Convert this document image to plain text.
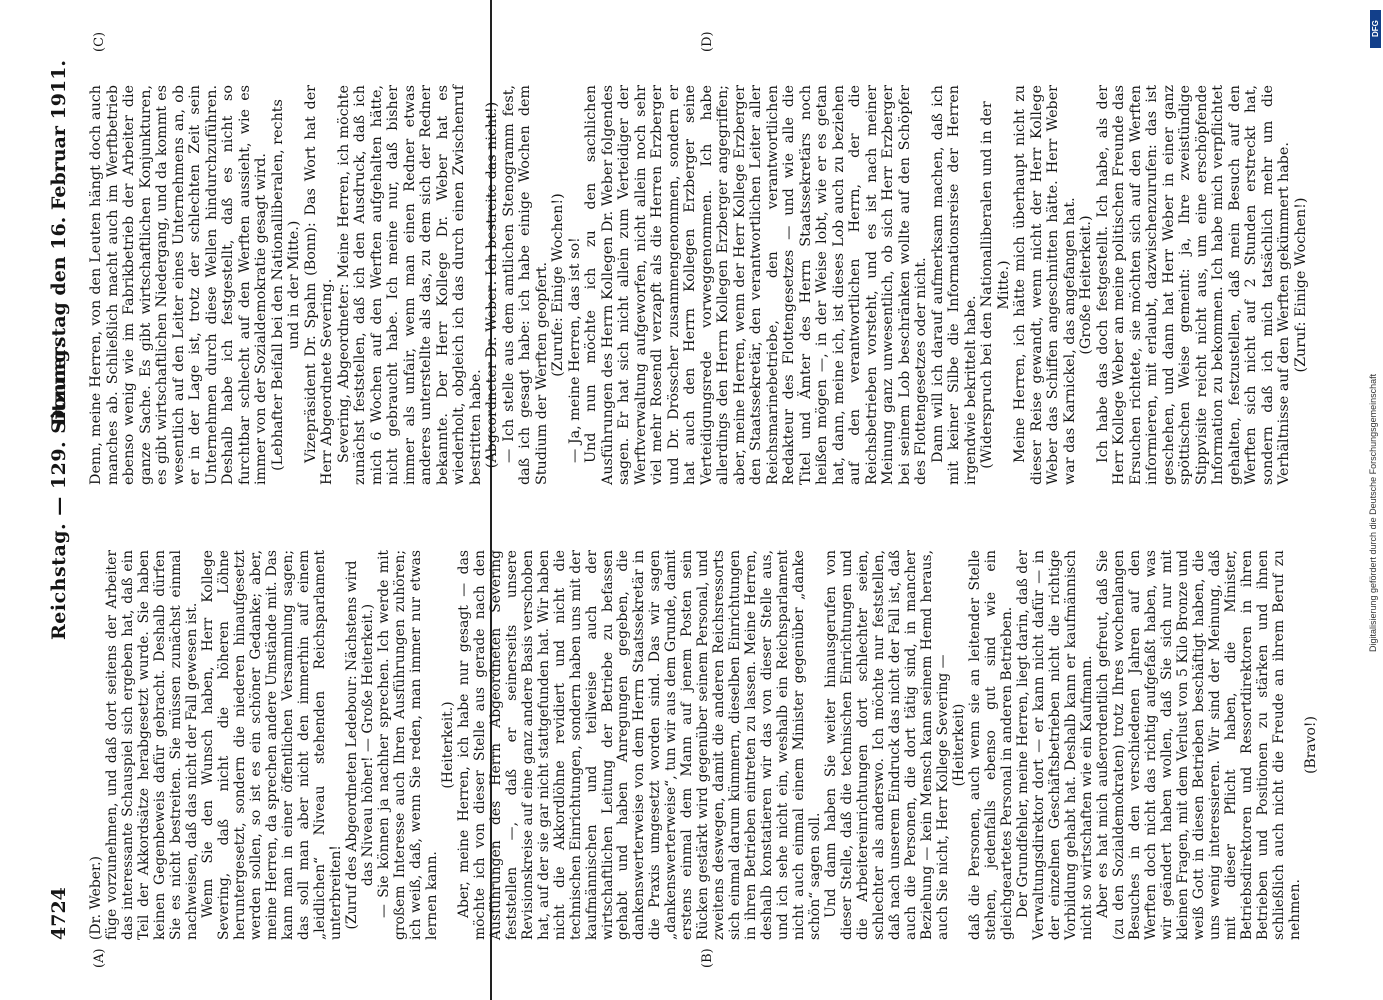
DFG
Digitalisierung gefördert durch die Deutsche Forschungsgemeinschaft
4724
Reichstag. — 129. Sitzung.
Donnerstag den 16. Februar 1911.
(A)	(B)
(C)	(D)

(Dr. Weber.) füge vorzunehmen, und daß dort seitens der Arbeiter das interessante Schauspiel sich ergeben hat, daß ein Teil der Akkordsätze herabgesetzt wurde. Sie haben keinen Gegenbeweis dafür gebracht. Deshalb dürfen Sie es nicht bestreiten. Sie müssen zunächst einmal nachweisen, daß das nicht der Fall gewesen ist. Wenn Sie den Wunsch haben, Herr Kollege Severing, daß nicht die höheren Löhne heruntergesetzt, sondern die niederen hinaufgesetzt werden sollen, so ist es ein schöner Gedanke; aber, meine Herren, da sprechen andere Umstände mit. Das kann man in einer öffentlichen Versammlung sagen; das soll man aber nicht den immerhin auf einem „leidlichen“ Niveau stehenden Reichsparlament unterbreiten! (Zuruf des Abgeordneten Ledebour: Nächstens wird das Niveau höher! — Große Heiterkeit.) — Sie können ja nachher sprechen. Ich werde mit großem Interesse auch Ihren Ausführungen zuhören; ich weiß, daß, wenn Sie reden, man immer nur etwas lernen kann.

(Heiterkeit.) Aber, meine Herren, ich habe nur gesagt — das möchte ich von dieser Stelle aus gerade nach den Ausführungen des Herrn Abgeordneten Severing feststellen —, daß er seinerseits unsere Revisionskreise auf eine ganz andere Basis verschoben hat, auf der sie gar nicht stattgefunden hat. Wir haben nicht die Akkordlöhne revidiert und nicht die technischen Einrichtungen, sondern haben uns mit der kaufmännischen und teilweise auch der wirtschaftlichen Leitung der Betriebe zu befassen gehabt und haben Anregungen gegeben, die dankenswerterweise von dem Herrn Staatssekretär in die Praxis umgesetzt worden sind. Das wir sagen „dankenswerterweise“, tun wir aus dem Grunde, damit erstens einmal dem Mann auf jenem Posten sein Rücken gestärkt wird gegenüber seinem Personal, und zweitens deswegen, damit die anderen Reichsressorts sich einmal darum kümmern, dieselben Einrichtungen in ihren Betrieben eintreten zu lassen. Meine Herren, deshalb konstatieren wir das von dieser Stelle aus, und ich sehe nicht ein, weshalb ein Reichsparlament nicht auch einmal einem Minister gegenüber „danke schön“ sagen soll. Und dann haben Sie weiter hinausgerufen von dieser Stelle, daß die technischen Einrichtungen und die Arbeitereinrichtungen dort schlechter seien, schlechter als anderswo. Ich möchte nur feststellen, daß nach unserem Eindruck das nicht der Fall ist, daß auch die Personen, die dort tätig sind, in mancher Beziehung — kein Mensch kann seinem Hemd heraus, auch Sie nicht, Herr Kollege Severing — (Heiterkeit) daß die Personen, auch wenn sie an leitender Stelle stehen, jedenfalls ebenso gut sind wie ein gleichgeartetes Personal in anderen Betrieben. Der Grundfehler, meine Herren, liegt darin, daß der Verwaltungsdirektor dort — er kann nicht dafür — in der einzelnen Geschäftsbetrieben nicht die richtige Vorbildung gehabt hat. Deshalb kann er kaufmännisch nicht so wirtschaften wie ein Kaufmann. Aber es hat mich außerordentlich gefreut, daß Sie (zu den Sozialdemokraten) trotz Ihres wochenlangen Besuches in den verschiedenen Jahren auf den Werften doch nicht das richtig aufgefaßt haben, was wir geändert haben wollen, daß Sie sich nur mit kleinen Fragen, mit dem Verlust von 5 Kilo Bronze und weiß Gott in diesen Betrieben beschäftigt haben, die uns wenig interessieren. Wir sind der Meinung, daß mit dieser Pflicht haben, die Minister, Betriebsdirektoren und Ressortdirektoren in ihren Betrieben und Positionen zu stärken und ihnen schließlich auch nicht die Freude an ihrem Beruf zu nehmen.

(Bravo!)

Denn, meine Herren, von den Leuten hängt doch auch manches ab. Schließlich macht auch im Werftbetrieb ebenso wenig wie im Fabrikbetrieb der Arbeiter die ganze Sache. Es gibt wirtschaftlichen Konjunkturen, es gibt wirtschaftlichen Niedergang, und da kommt es wesentlich auf den Leiter eines Unternehmens an, ob er in der Lage ist, trotz der schlechten Zeit sein Unternehmen durch diese Wellen hindurchzuführen. Deshalb habe ich festgestellt, daß es nicht so furchtbar schlecht auf den Werften aussieht, wie es immer von der Sozialdemokratie gesagt wird. (Lebhafter Beifall bei den Nationalliberalen, rechts und in der Mitte.) Vizepräsident Dr. Spahn (Bonn): Das Wort hat der Herr Abgeordnete Severing. Severing, Abgeordneter: Meine Herren, ich möchte zunächst feststellen, daß ich den Ausdruck, daß ich mich 6 Wochen auf den Werften aufgehalten hätte, nicht gebraucht habe. Ich meine nur, daß bisher immer als unfair, wenn man einen Redner etwas anderes unterstellte als das, zu dem sich der Redner bekannte. Der Herr Kollege Dr. Weber hat es wiederholt, obgleich ich das durch einen Zwischenruf bestritten habe. (Abgeordneter Dr. Weber: Ich bestreite das nicht!) — Ich stelle aus dem amtlichen Stenogramm fest, daß ich gesagt habe: ich habe einige Wochen dem Studium der Werften geopfert. (Zurufe: Einige Wochen!) — Ja, meine Herren, das ist so! Und nun möchte ich zu den sachlichen Ausführungen des Herrn Kollegen Dr. Weber folgendes sagen. Er hat sich nicht allein zum Verteidiger der Werftverwaltung aufgeworfen, nicht allein noch sehr viel mehr Rosendl verzapft als die Herren Erzberger und Dr. Drösscher zusammengenommen, sondern er hat auch den Herrn Kollegen Erzberger seine Verteidigungsrede vorweggenommen. Ich habe allerdings den Herrn Kollegen Erzberger angegriffen; aber, meine Herren, wenn der Herr Kollege Erzberger den Staatssekretär, den verantwortlichen Leiter aller Reichsmarinebetriebe, den verantwortlichen Redakteur des Flottengesetzes — und wie alle die Titel und Ämter des Herrn Staatssekretärs noch heißen mögen —, in der Weise lobt, wie er es getan hat, dann, meine ich, ist dieses Lob auch zu beziehen auf den verantwortlichen Herrn, der die Reichsbetrieben vorsteht, und es ist nach meiner Meinung ganz unwesentlich, ob sich Herr Erzberger bei seinem Lob beschränken wollte auf den Schöpfer des Flottengesetzes oder nicht. Dann will ich darauf aufmerksam machen, daß ich mit keiner Silbe die Informationsreise der Herren irgendwie bekrittelt habe. (Widerspruch bei den Nationalliberalen und in der Mitte.) Meine Herren, ich hätte mich überhaupt nicht zu dieser Reise gewandt, wenn nicht der Herr Kollege Weber das Schiffen angeschnitten hätte. Herr Weber war das Karnickel, das angefangen hat. (Große Heiterkeit.) Ich habe das doch festgestellt. Ich habe, als der Herr Kollege Weber an meine politischen Freunde das Ersuchen richtete, sie möchten sich auf den Werften informieren, mit erlaubt, dazwischenzurufen: das ist geschehen, und dann hat Herr Weber in einer ganz spöttischen Weise gemeint: ja, Ihre zweistündige Stippvisite reicht nicht aus, um eine erschöpfende Information zu bekommen. Ich habe mich verpflichtet gehalten, festzustellen, daß mein Besuch auf den Werften sich nicht auf 2 Stunden erstreckt hat, sondern daß ich mich tatsächlich mehr um die Verhältnisse auf den Werften gekümmert habe. (Zuruf: Einige Wochen!)
